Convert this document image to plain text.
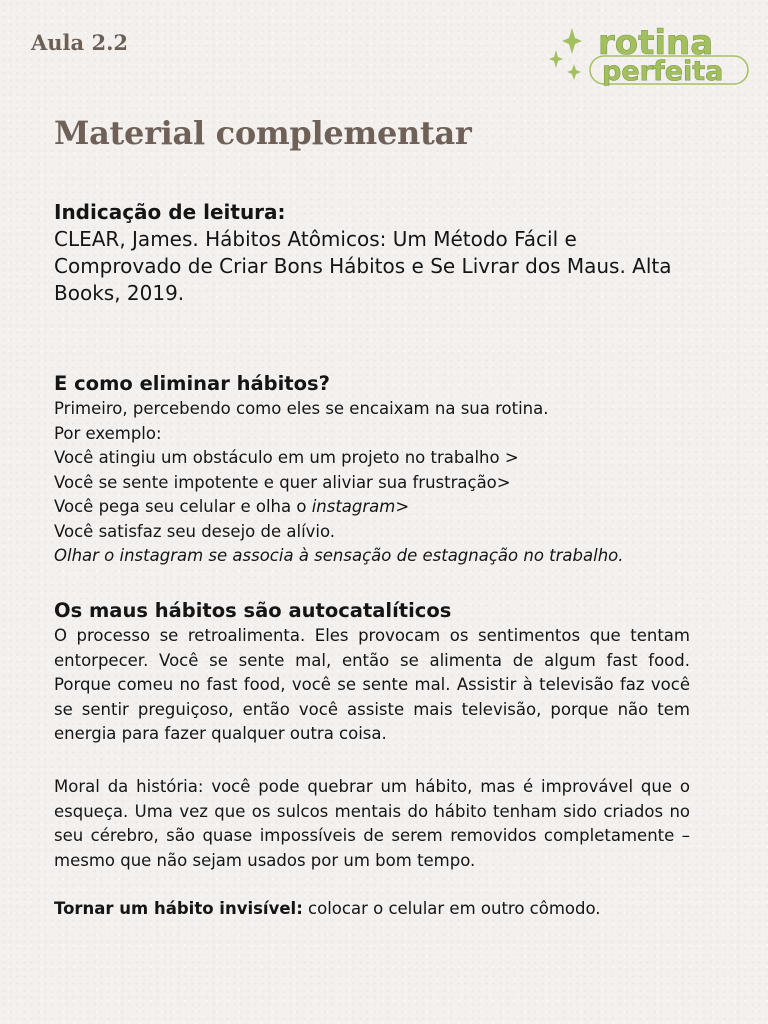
Aula 2.2	rotina
perfeita
Material complementar
Indicação de leitura:
CLEAR, James. Hábitos Atômicos: Um Método Fácil e Comprovado de Criar Bons Hábitos e Se Livrar dos Maus. Alta Books, 2019.
E como eliminar hábitos?
Primeiro, percebendo como eles se encaixam na sua rotina.
Por exemplo:
Você atingiu um obstáculo em um projeto no trabalho >
Você se sente impotente e quer aliviar sua frustração>
Você pega seu celular e olha o instagram>
Você satisfaz seu desejo de alívio.
Olhar o instagram se associa à sensação de estagnação no trabalho.
Os maus hábitos são autocatalíticos

O processo se retroalimenta. Eles provocam os sentimentos que tentam entorpecer. Você se sente mal, então se alimenta de algum fast food. Porque comeu no fast food, você se sente mal. Assistir à televisão faz você se sentir preguiçoso, então você assiste mais televisão, porque não tem energia para fazer qualquer outra coisa.

Moral da história: você pode quebrar um hábito, mas é improvável que o esqueça. Uma vez que os sulcos mentais do hábito tenham sido criados no seu cérebro, são quase impossíveis de serem removidos completamente – mesmo que não sejam usados por um bom tempo.

Tornar um hábito invisível: colocar o celular em outro cômodo.
